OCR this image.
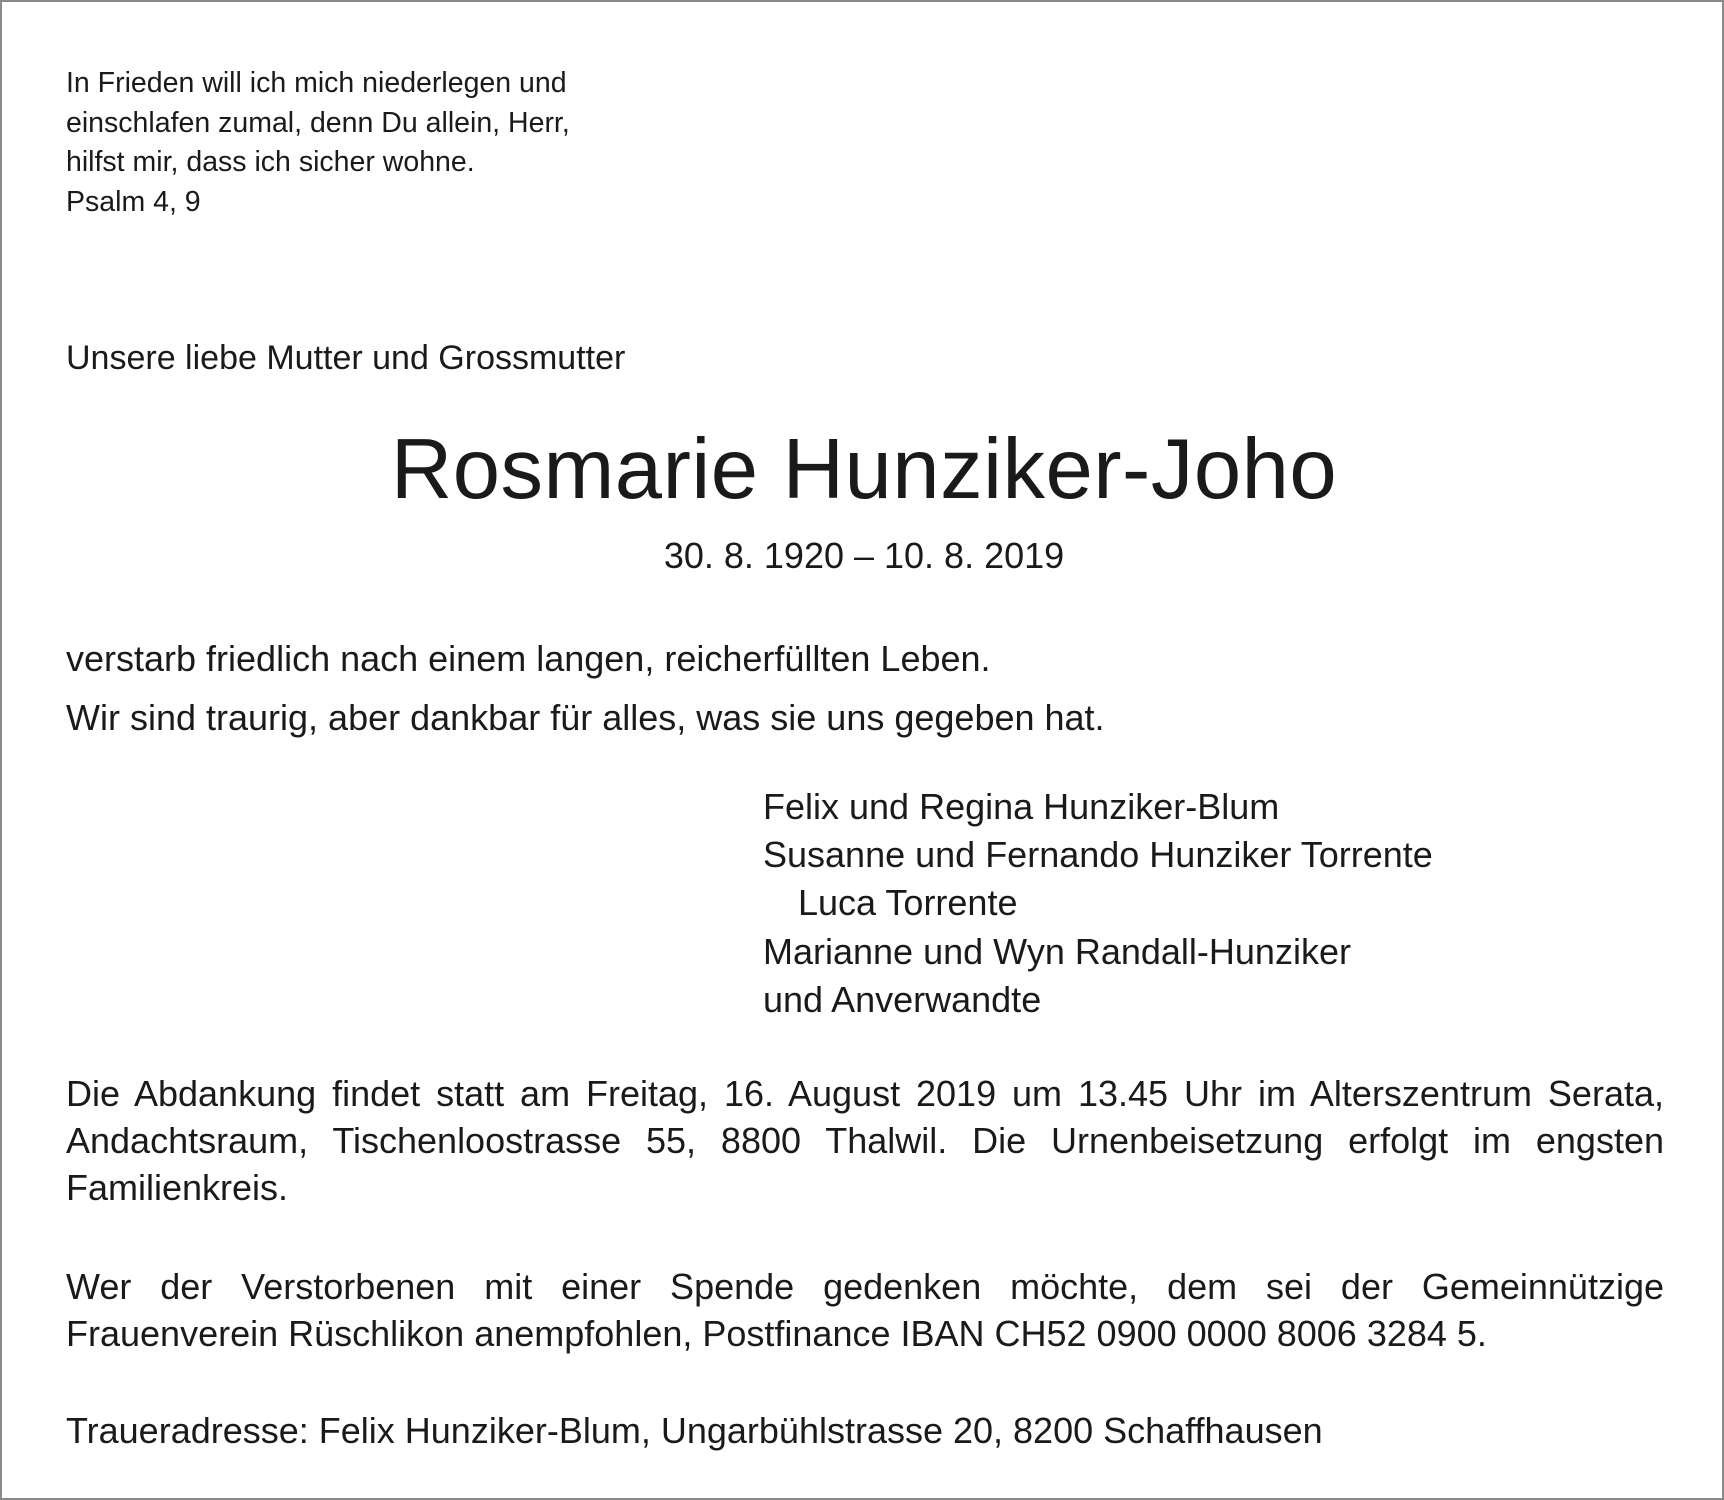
In Frieden will ich mich niederlegen und
einschlafen zumal, denn Du allein, Herr,
hilfst mir, dass ich sicher wohne.
Psalm 4, 9
Unsere liebe Mutter und Grossmutter
Rosmarie Hunziker-Joho
30. 8. 1920 – 10. 8. 2019
verstarb friedlich nach einem langen, reicherfüllten Leben.
Wir sind traurig, aber dankbar für alles, was sie uns gegeben hat.
Felix und Regina Hunziker-Blum
Susanne und Fernando Hunziker Torrente
Luca Torrente
Marianne und Wyn Randall-Hunziker
und Anverwandte
Die Abdankung findet statt am Freitag, 16. August 2019 um 13.45 Uhr im Alterszentrum Serata, Andachtsraum, Tischenloostrasse 55, 8800 Thalwil. Die Urnenbeisetzung erfolgt im engsten Familienkreis.
Wer der Verstorbenen mit einer Spende gedenken möchte, dem sei der Gemeinnützige Frauenverein Rüschlikon anempfohlen, Postfinance IBAN CH52 0900 0000 8006 3284 5.
Traueradresse: Felix Hunziker-Blum, Ungarbühlstrasse 20, 8200 Schaffhausen
